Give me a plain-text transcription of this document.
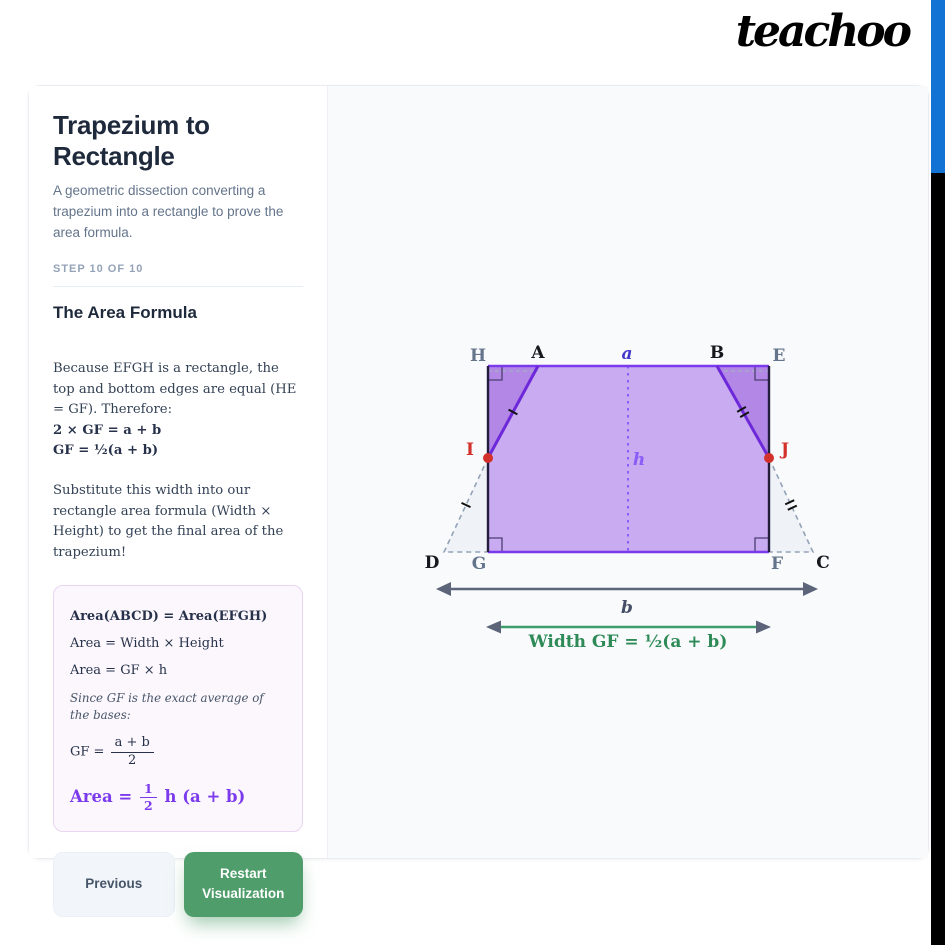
teachoo
Trapezium to Rectangle
A geometric dissection converting a trapezium into a rectangle to prove the area formula.
STEP 10 OF 10
The Area Formula
Because EFGH is a rectangle, the top and bottom edges are equal (HE = GF). Therefore:
2 × GF = a + b
GF = ½(a + b)
Substitute this width into our rectangle area formula (Width × Height) to get the final area of the trapezium!
Area(ABCD) = Area(EFGH)
Area = Width × Height
Area = GF × h
Since GF is the exact average of the bases:
GF = $\frac{a + b}{2}$
Area = $\frac{1}{2}$ h (a + b)
Previous
Restart Visualization
H	A	a	B	E
I	J
h
D G	F C
b
Width GF = ½(a + b)
